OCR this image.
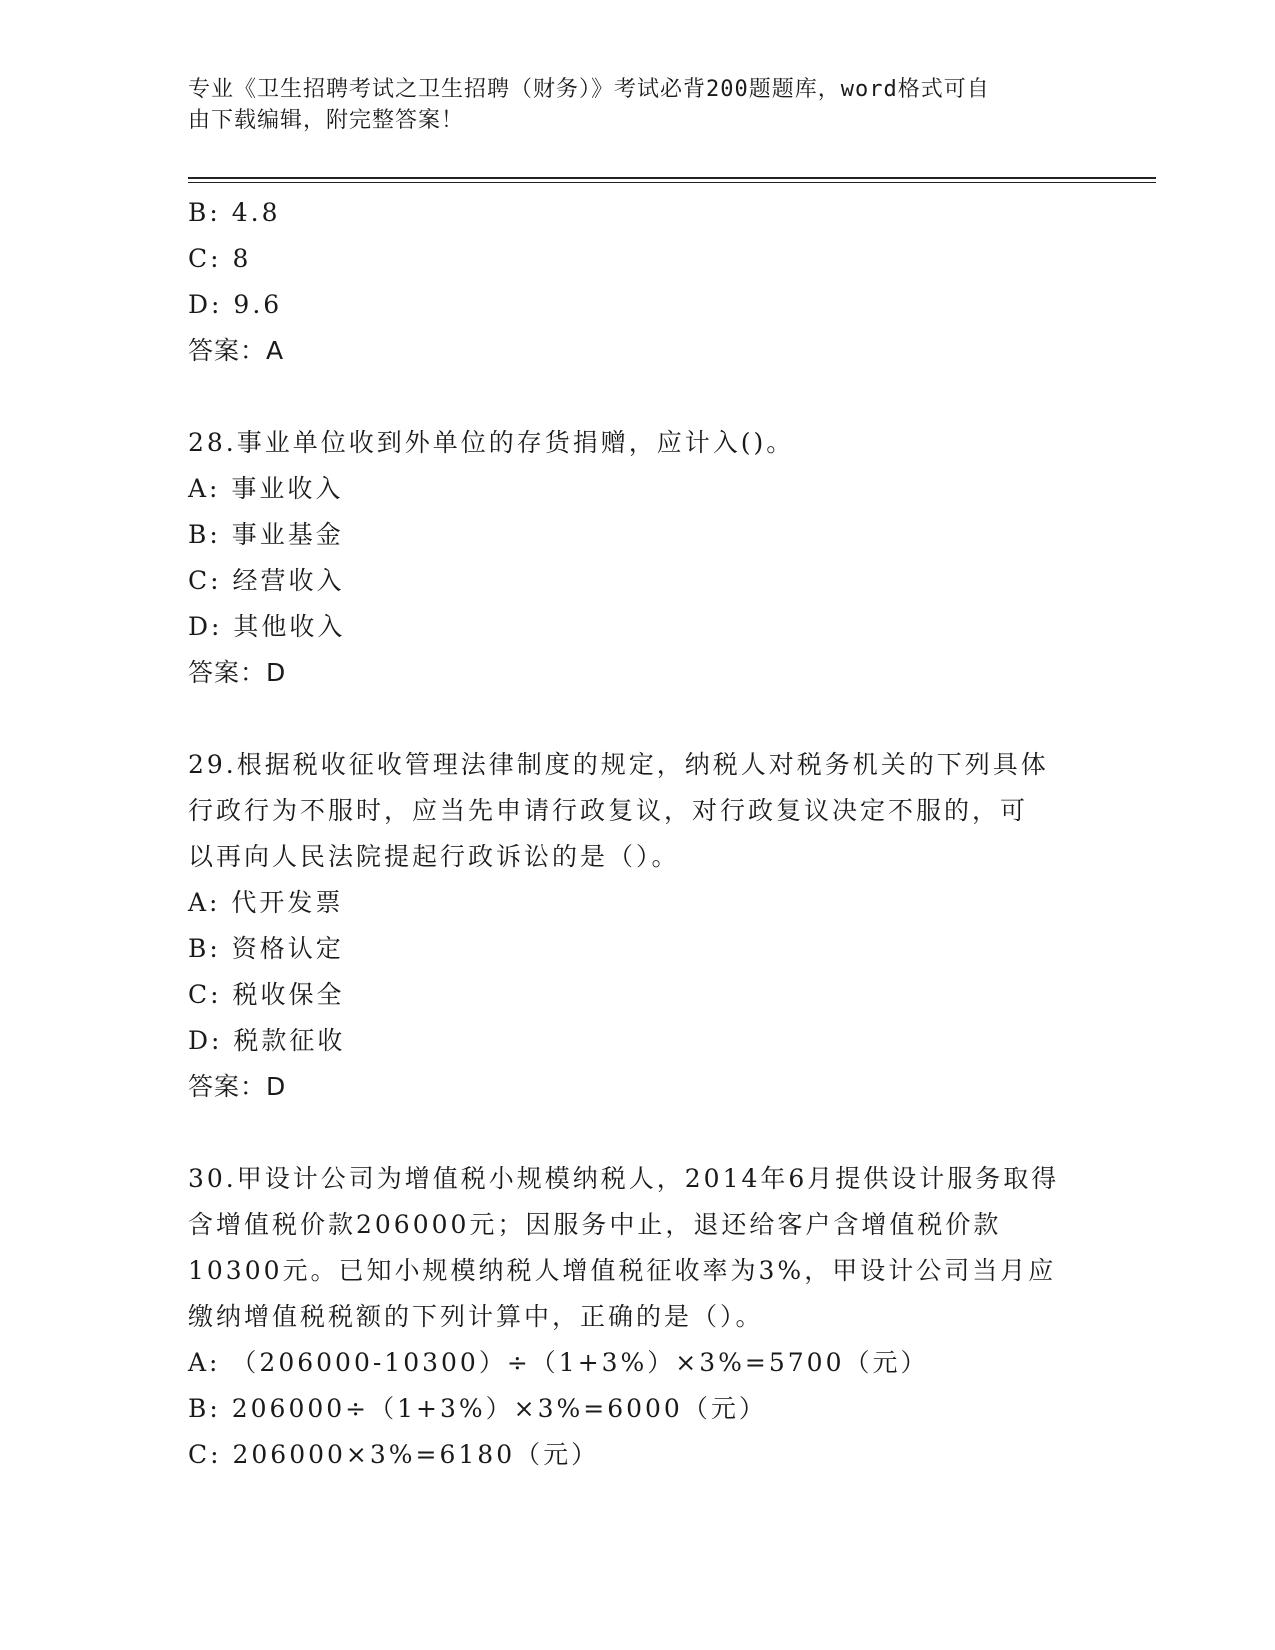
专业《卫生招聘考试之卫生招聘（财务）》考试必背200题题库，word格式可自
由下载编辑，附完整答案！
B: 4.8
C: 8
D: 9.6
答案：A
28.事业单位收到外单位的存货捐赠，应计入()。
A: 事业收入
B: 事业基金
C: 经营收入
D: 其他收入
答案：D
29.根据税收征收管理法律制度的规定，纳税人对税务机关的下列具体
行政行为不服时，应当先申请行政复议，对行政复议决定不服的，可
以再向人民法院提起行政诉讼的是（）。
A: 代开发票
B: 资格认定
C: 税收保全
D: 税款征收
答案：D
30.甲设计公司为增值税小规模纳税人，2014年6月提供设计服务取得
含增值税价款206000元；因服务中止，退还给客户含增值税价款
10300元。已知小规模纳税人增值税征收率为3%，甲设计公司当月应
缴纳增值税税额的下列计算中，正确的是（）。
A: （206000-10300）÷（1+3%）×3%=5700（元）
B: 206000÷（1+3%）×3%=6000（元）
C: 206000×3%=6180（元）
